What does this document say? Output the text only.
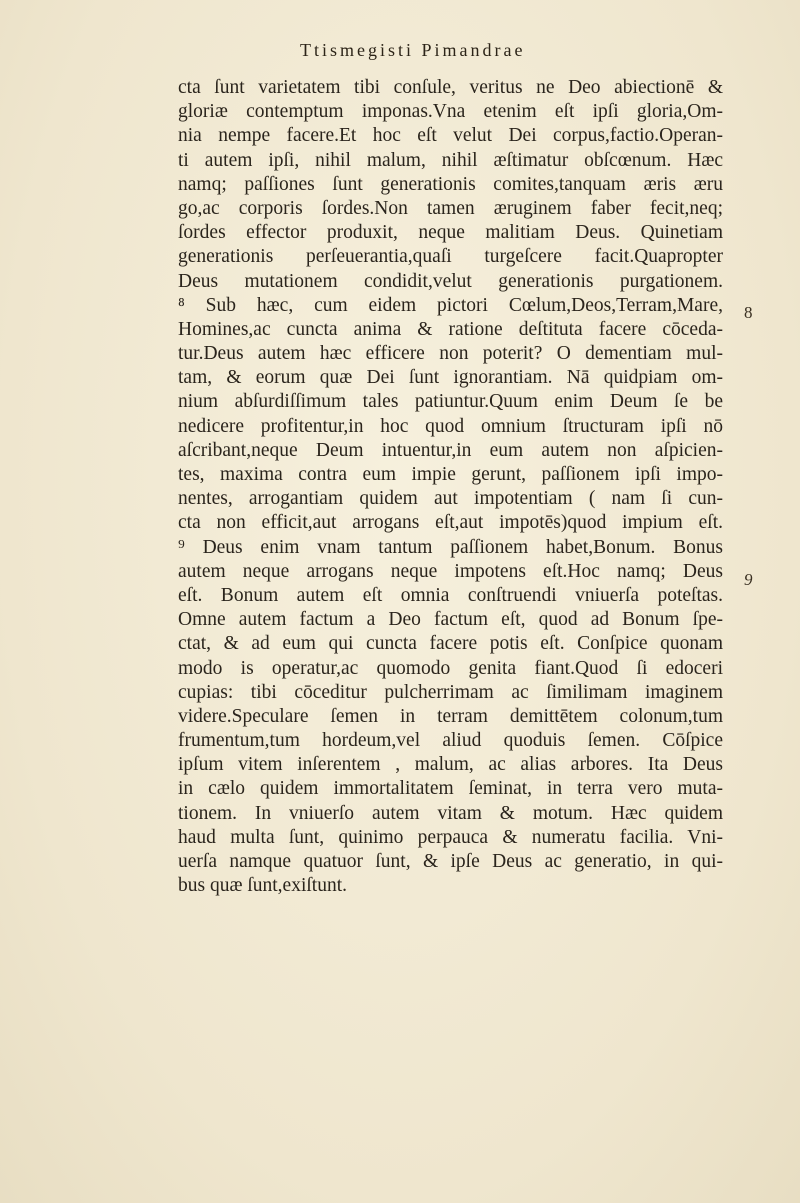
Ttismegisti Pimandrae
cta ſunt varietatem tibi conſule, veritus ne Deo abiectionē &
gloriæ contemptum imponas.Vna etenim eſt ipſi gloria,Om-
nia nempe facere.Et hoc eſt velut Dei corpus,factio.Operan-
ti autem ipſi, nihil malum, nihil æſtimatur obſcœnum. Hæc
namq; paſſiones ſunt generationis comites,tanquam æris æru
go,ac corporis ſordes.Non tamen æruginem faber fecit,neq;
ſordes effector produxit, neque malitiam Deus. Quinetiam
generationis perſeuerantia,quaſi turgeſcere facit.Quapropter
Deus mutationem condidit,velut generationis purgationem.
⁸ Sub hæc, cum eidem pictori Cœlum,Deos,Terram,Mare,
Homines,ac cuncta anima & ratione deſtituta facere cōceda-
tur.Deus autem hæc efficere non poterit? O dementiam mul-
tam, & eorum quæ Dei ſunt ignorantiam. Nā quidpiam om-
nium abſurdiſſimum tales patiuntur.Quum enim Deum ſe be
nedicere profitentur,in hoc quod omnium ſtructuram ipſi nō
aſcribant,neque Deum intuentur,in eum autem non aſpicien-
tes, maxima contra eum impie gerunt, paſſionem ipſi impo-
nentes, arrogantiam quidem aut impotentiam ( nam ſi cun-
cta non efficit,aut arrogans eſt,aut impotēs)quod impium eſt.
⁹ Deus enim vnam tantum paſſionem habet,Bonum. Bonus
autem neque arrogans neque impotens eſt.Hoc namq; Deus
eſt. Bonum autem eſt omnia conſtruendi vniuerſa poteſtas.
Omne autem factum a Deo factum eſt, quod ad Bonum ſpe-
ctat, & ad eum qui cuncta facere potis eſt. Conſpice quonam
modo is operatur,ac quomodo genita fiant.Quod ſi edoceri
cupias: tibi cōceditur pulcherrimam ac ſimilimam imaginem
videre.Speculare ſemen in terram demittētem colonum,tum
frumentum,tum hordeum,vel aliud quoduis ſemen. Cōſpice
ipſum vitem inſerentem , malum, ac alias arbores. Ita Deus
in cælo quidem immortalitatem ſeminat, in terra vero muta-
tionem. In vniuerſo autem vitam & motum. Hæc quidem
haud multa ſunt, quinimo perpauca & numeratu facilia. Vni-
uerſa namque quatuor ſunt, & ipſe Deus ac generatio, in qui-
bus quæ ſunt,exiſtunt.
8
9
